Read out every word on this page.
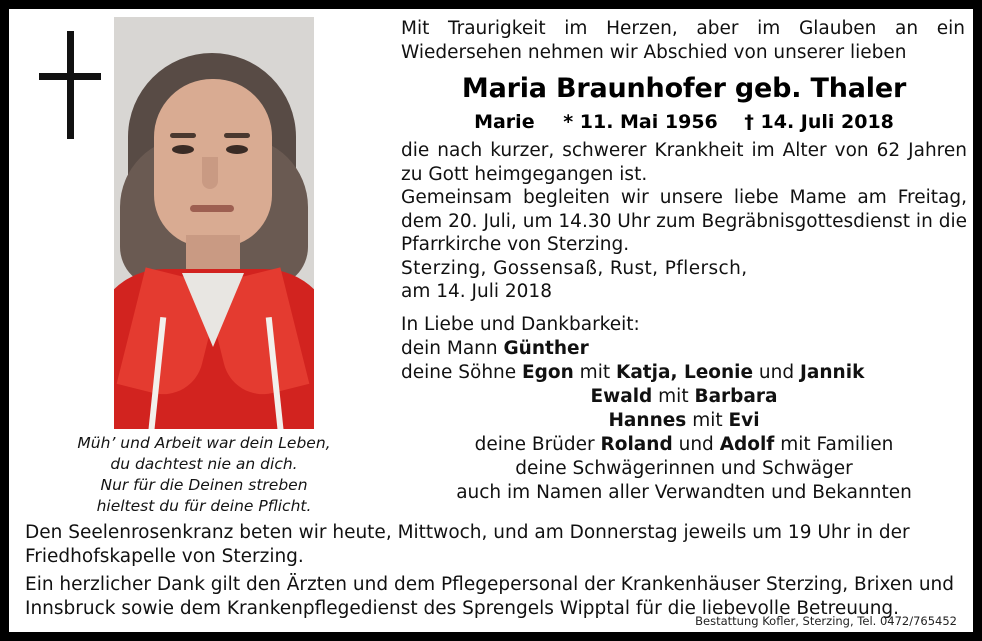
Müh’ und Arbeit war dein Leben,
du dachtest nie an dich.
Nur für die Deinen streben
hieltest du für deine Pflicht.
Mit Traurigkeit im Herzen, aber im Glauben an ein Wiedersehen nehmen wir Abschied von unserer lieben
Maria Braunhofer geb. Thaler
Marie * 11. Mai 1956 † 14. Juli 2018
die nach kurzer, schwerer Krankheit im Alter von 62 Jahren zu Gott heimgegangen ist.
Gemeinsam begleiten wir unsere liebe Mame am Freitag, dem 20. Juli, um 14.30 Uhr zum Begräbnisgottesdienst in die Pfarrkirche von Sterzing.
Sterzing, Gossensaß, Rust, Pflersch,
am 14. Juli 2018
In Liebe und Dankbarkeit:
dein Mann Günther
deine Söhne Egon mit Katja, Leonie und Jannik
Ewald mit Barbara
Hannes mit Evi
deine Brüder Roland und Adolf mit Familien
deine Schwägerinnen und Schwäger
auch im Namen aller Verwandten und Bekannten

Den Seelenrosenkranz beten wir heute, Mittwoch, und am Donnerstag jeweils um 19 Uhr in der Friedhofskapelle von Sterzing.

Ein herzlicher Dank gilt den Ärzten und dem Pflegepersonal der Krankenhäuser Sterzing, Brixen und Innsbruck sowie dem Krankenpflegedienst des Sprengels Wipptal für die liebevolle Betreuung.

Bestattung Kofler, Sterzing, Tel. 0472/765452
